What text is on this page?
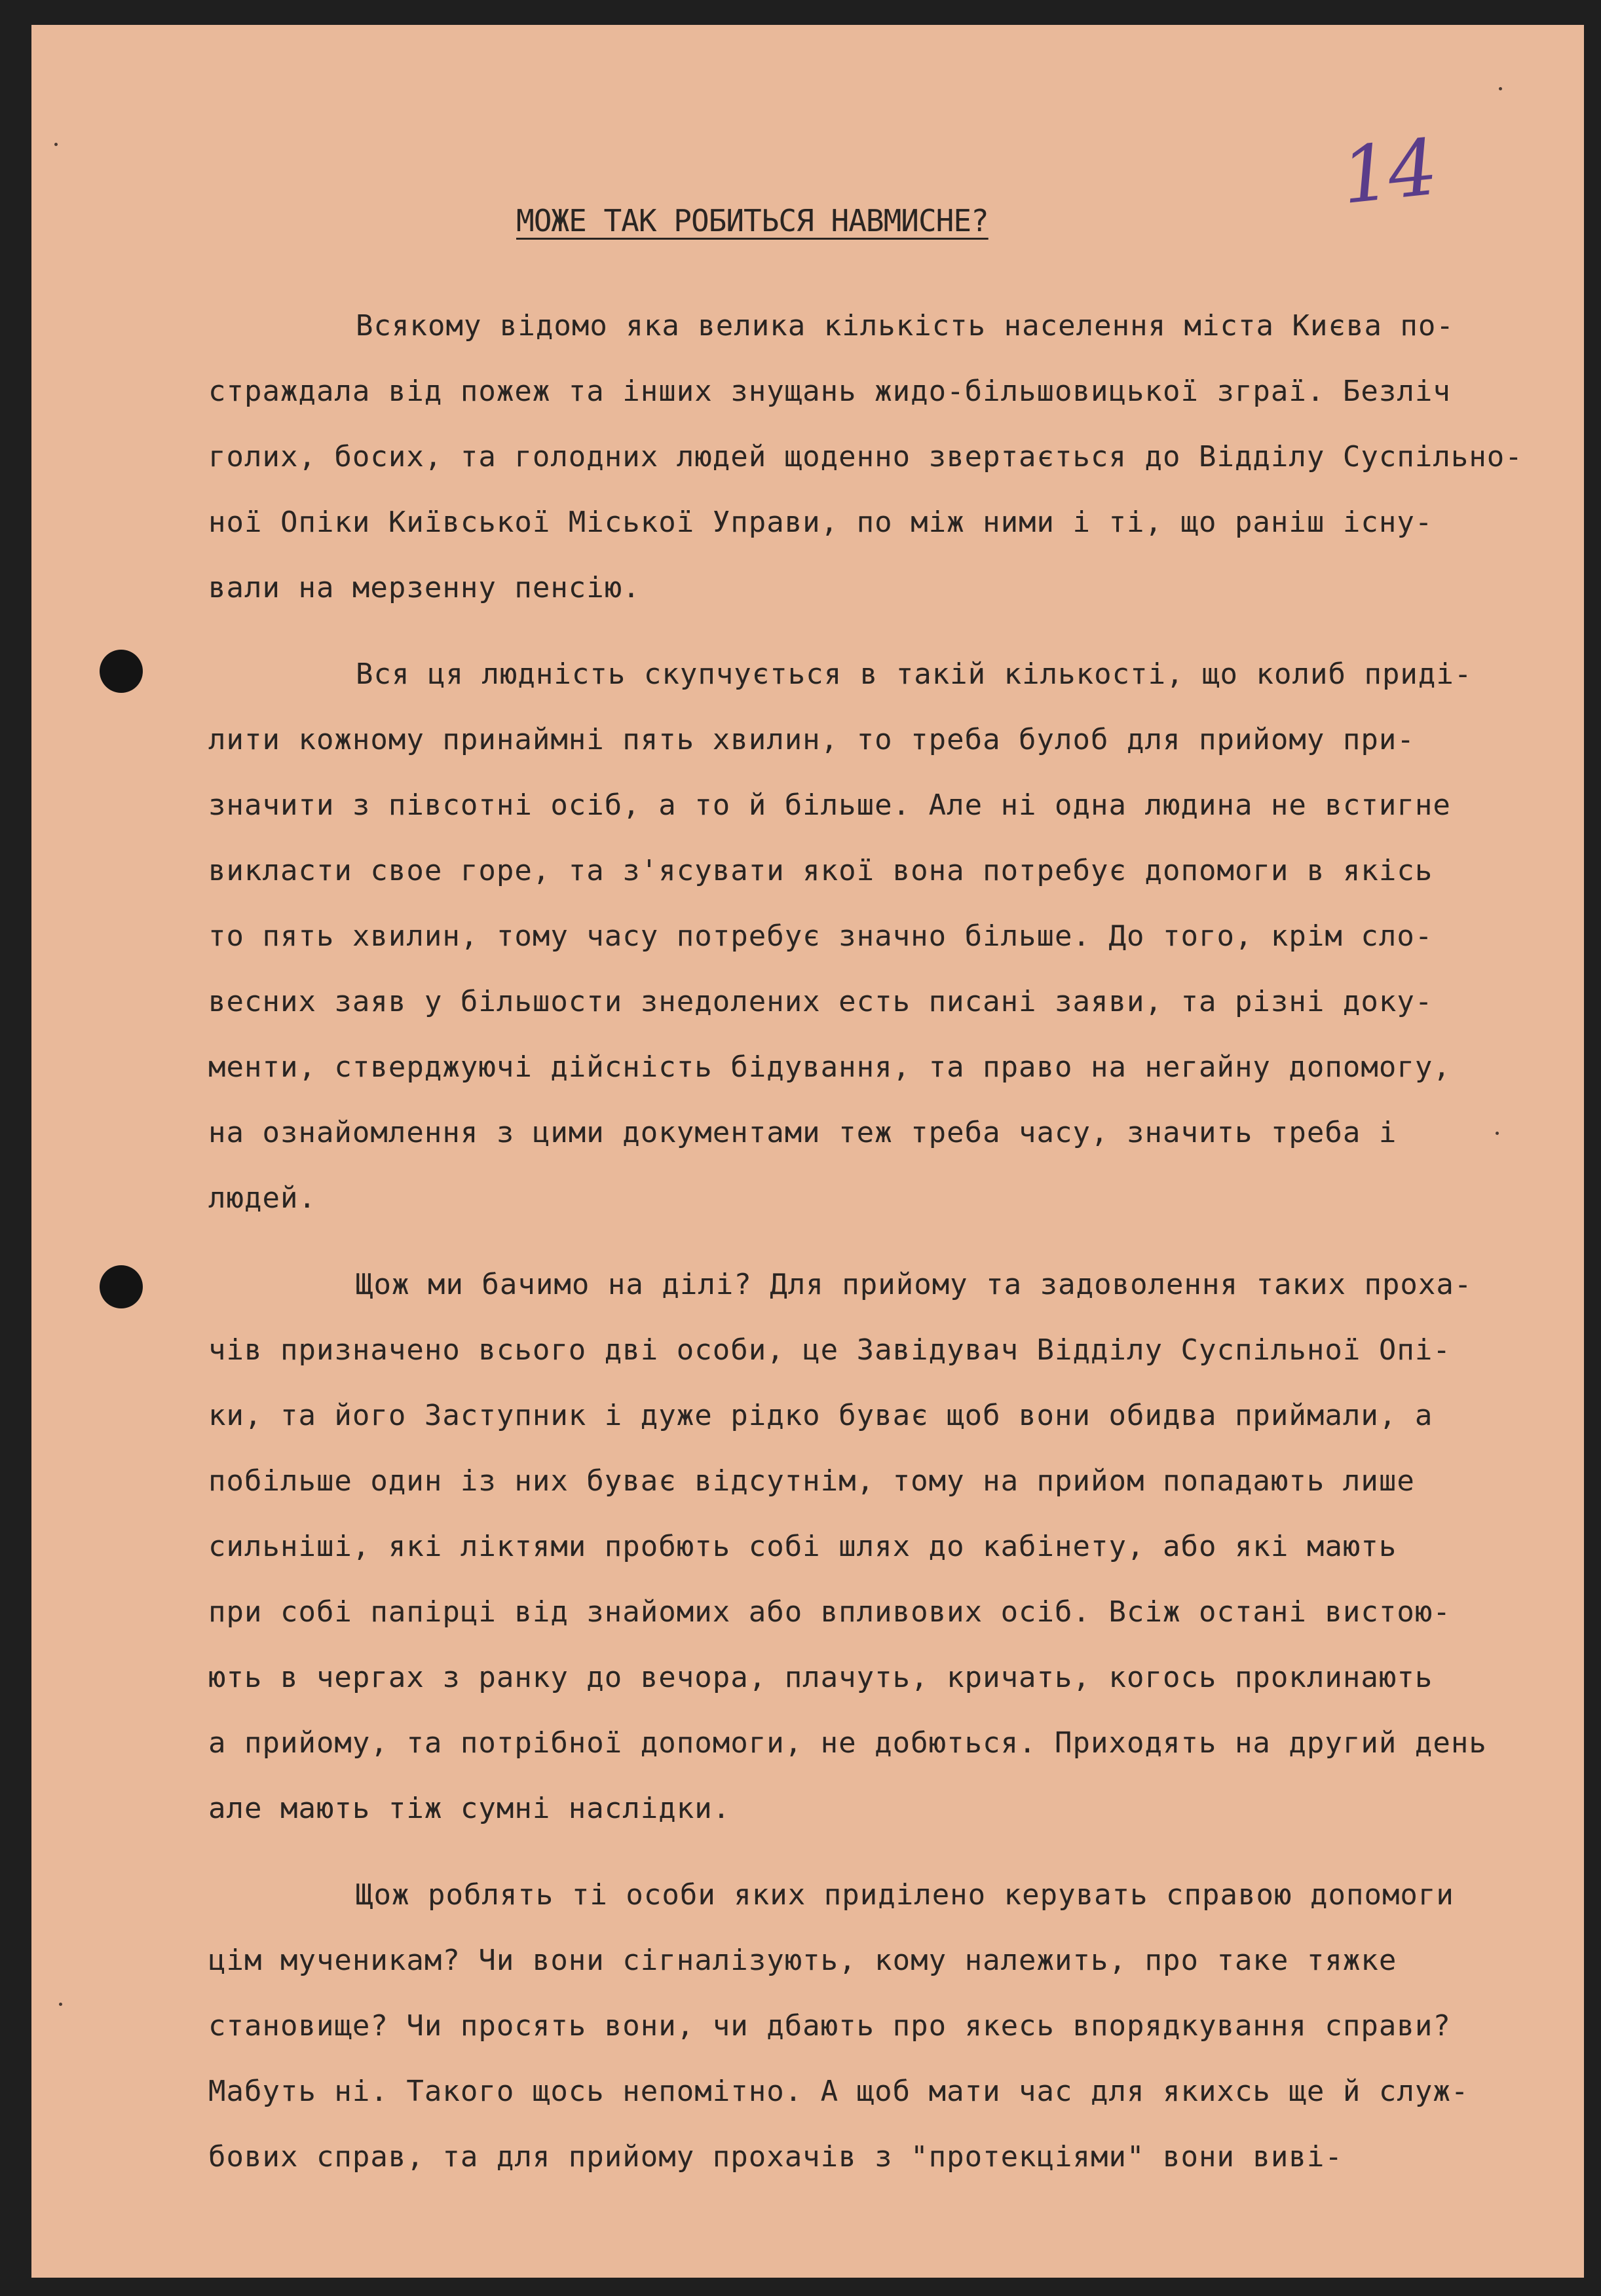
14
МОЖЕ ТАК РОБИТЬСЯ НАВМИСНЕ?
Всякому відомо яка велика кількість населення міста Києва по-
страждала від пожеж та інших знущань жидо-більшовицької зграї. Безліч
голих, босих, та голодних людей щоденно звертається до Відділу Суспільно-
ної Опіки Київської Міської Управи, по між ними і ті, що раніш існу-
вали на мерзенну пенсію.
Вся ця людність скупчується в такій кількості, що колиб приді-
лити кожному принаймні пять хвилин, то треба булоб для прийому при-
значити з півсотні осіб, а то й більше. Але ні одна людина не встигне
викласти свое горе, та з'ясувати якої вона потребує допомоги в якісь
то пять хвилин, тому часу потребує значно більше. До того, крім сло-
весних заяв у більшости знедолених есть писані заяви, та різні доку-
менти, стверджуючі дійсність бідування, та право на негайну допомогу,
на ознайомлення з цими документами теж треба часу, значить треба і
людей.
Щож ми бачимо на ділі? Для прийому та задоволення таких проха-
чів призначено всього дві особи, це Завідувач Відділу Суспільної Опі-
ки, та його Заступник і дуже рідко буває щоб вони обидва приймали, а
побільше один із них буває відсутнім, тому на прийом попадають лише
сильніші, які ліктями пробють собі шлях до кабінету, або які мають
при собі папірці від знайомих або впливових осіб. Всіж остані вистою-
ють в чергах з ранку до вечора, плачуть, кричать, когось проклинають
а прийому, та потрібної допомоги, не добються. Приходять на другий день
але мають тіж сумні наслідки.
Щож роблять ті особи яких приділено керувать справою допомоги
цім мученикам? Чи вони сігналізують, кому належить, про таке тяжке
становище? Чи просять вони, чи дбають про якесь впорядкування справи?
Мабуть ні. Такого щось непомітно. А щоб мати час для якихсь ще й служ-
бових справ, та для прийому прохачів з "протекціями" вони виві-
